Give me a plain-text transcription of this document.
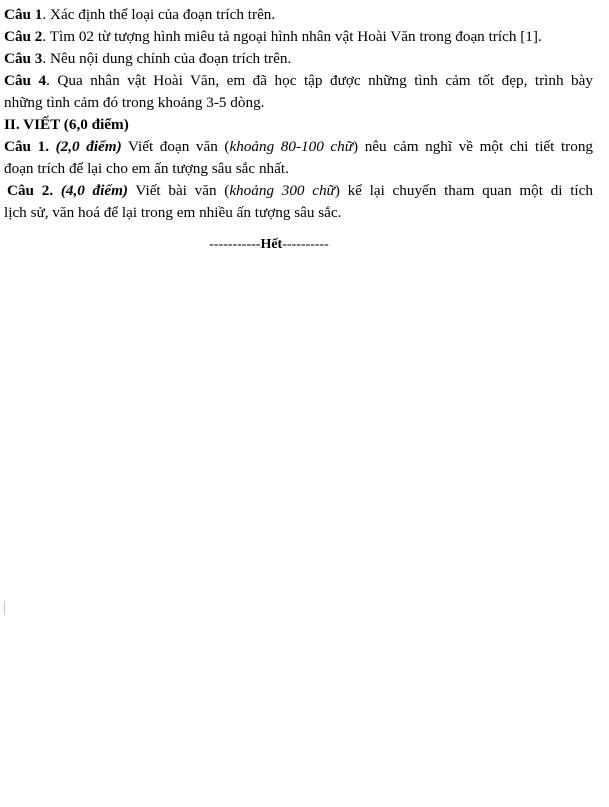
Câu 1. Xác định thể loại của đoạn trích trên.
Câu 2. Tìm 02 từ tượng hình miêu tả ngoại hình nhân vật Hoài Văn trong đoạn trích [1].
Câu 3. Nêu nội dung chính của đoạn trích trên.
Câu 4. Qua nhân vật Hoài Văn, em đã học tập được những tình cảm tốt đẹp, trình bày
những tình cảm đó trong khoảng 3-5 dòng.
II. VIẾT (6,0 điểm)
Câu 1. (2,0 điểm) Viết đoạn văn (khoảng 80-100 chữ) nêu cảm nghĩ về một chi tiết trong
đoạn trích để lại cho em ấn tượng sâu sắc nhất.
Câu 2. (4,0 điểm) Viết bài văn (khoảng 300 chữ) kể lại chuyến tham quan một di tích
lịch sử, văn hoá để lại trong em nhiều ấn tượng sâu sắc.
-----------Hết----------
